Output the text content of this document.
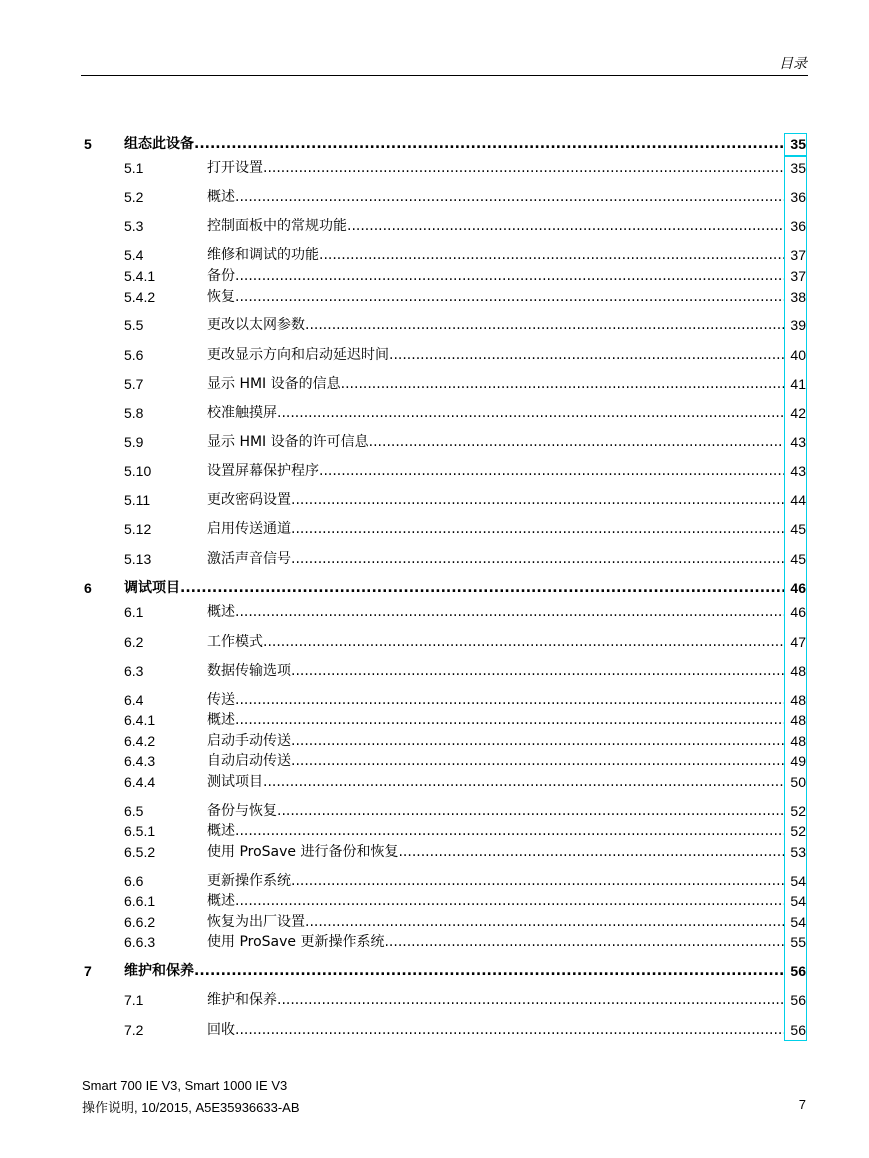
目录
5 组态此设备 .....	35
5.1	打开设置 .....	35
5.2	概述 .....	36
5.3	控制面板中的常规功能 .....	36
5.4	维修和调试的功能 .....	37
5.4.1	备份 .....	37
5.4.2	恢复 .....	38
5.5	更改以太网参数 .....	39
5.6	更改显示方向和启动延迟时间 .....	40
5.7	显示 HMI 设备的信息 .....	41
5.8	校准触摸屏 .....	42
5.9	显示 HMI 设备的许可信息 .....	43
5.10	设置屏幕保护程序 .....	43
5.11	更改密码设置 .....	44
5.12	启用传送通道 .....	45
5.13	激活声音信号 .....	45
6 调试项目 .....	46
6.1	概述 .....	46
6.2	工作模式 .....	47
6.3	数据传输选项 .....	48
6.4	传送 .....	48
6.4.1	概述 .....	48
6.4.2	启动手动传送 .....	48
6.4.3	自动启动传送 .....	49
6.4.4	测试项目 .....	50
6.5	备份与恢复 .....	52
6.5.1	概述 .....	52
6.5.2	使用 ProSave 进行备份和恢复 .....	53
6.6	更新操作系统 .....	54
6.6.1	概述 .....	54
6.6.2	恢复为出厂设置 .....	54
6.6.3	使用 ProSave 更新操作系统 .....	55
7 维护和保养 .....	56
7.1	维护和保养 .....	56
7.2	回收 .....	56
Smart 700 IE V3, Smart 1000 IE V3
操作说明, 10/2015, A5E35936633-AB	7
